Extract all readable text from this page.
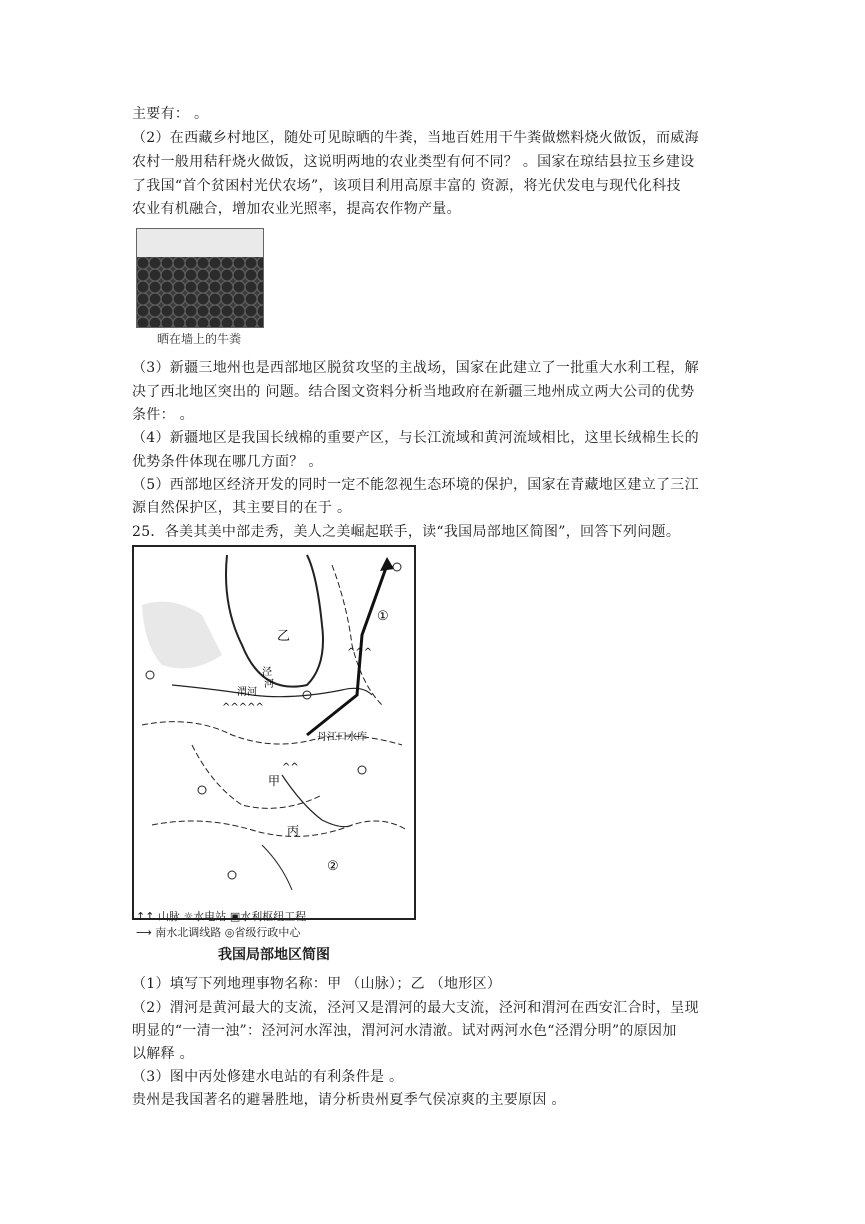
主要有： 。
（2）在西藏乡村地区，随处可见晾晒的牛粪，当地百姓用干牛粪做燃料烧火做饭，而威海
农村一般用秸秆烧火做饭，这说明两地的农业类型有何不同？ 。国家在琼结县拉玉乡建设
了我国“首个贫困村光伏农场”，该项目利用高原丰富的 资源，将光伏发电与现代化科技
农业有机融合，增加农业光照率，提高农作物产量。
晒在墙上的牛粪
（3）新疆三地州也是西部地区脱贫攻坚的主战场，国家在此建立了一批重大水利工程，解
决了西北地区突出的 问题。结合图文资料分析当地政府在新疆三地州成立两大公司的优势
条件： 。
（4）新疆地区是我国长绒棉的重要产区，与长江流域和黄河流域相比，这里长绒棉生长的
优势条件体现在哪几方面？ 。
（5）西部地区经济开发的同时一定不能忽视生态环境的保护，国家在青藏地区建立了三江
源自然保护区，其主要目的在于 。
25．各美其美中部走秀，美人之美崛起联手，读“我国局部地区简图”，回答下列问题。
^^^
^^^^^
^^
乙
泾
河
渭河
甲
丙
丹江口水库
①
②
↑↑ 山脉 ☼水电站 ▣水利枢纽工程
⟶ 南水北调线路 ◎省级行政中心
我国局部地区简图
（1）填写下列地理事物名称：甲 （山脉）；乙 （地形区）
（2）渭河是黄河最大的支流，泾河又是渭河的最大支流，泾河和渭河在西安汇合时，呈现
明显的“一清一浊”：泾河河水浑浊，渭河河水清澈。试对两河水色“泾渭分明”的原因加
以解释 。
（3）图中丙处修建水电站的有利条件是 。
贵州是我国著名的避暑胜地，请分析贵州夏季气侯凉爽的主要原因 。
